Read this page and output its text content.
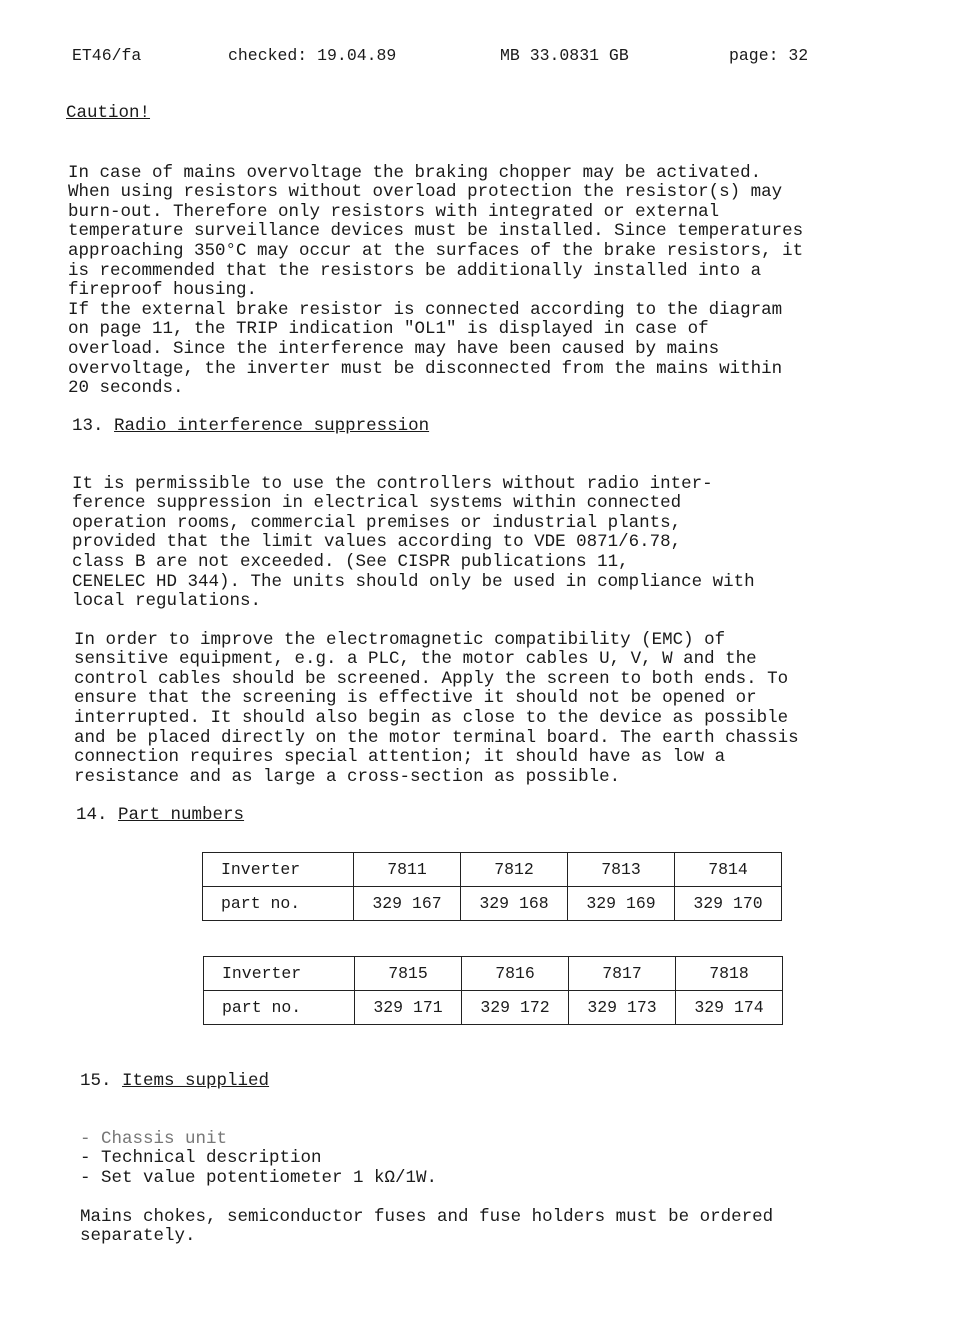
ET46/fa	checked: 19.04.89	MB 33.0831 GB	page: 32
Caution!

In case of mains overvoltage the braking chopper may be activated.
When using resistors without overload protection the resistor(s) may
burn-out. Therefore only resistors with integrated or external
temperature surveillance devices must be installed. Since temperatures
approaching 350°C may occur at the surfaces of the brake resistors, it
is recommended that the resistors be additionally installed into a
fireproof housing.
If the external brake resistor is connected according to the diagram
on page 11, the TRIP indication "OL1" is displayed in case of
overload. Since the interference may have been caused by mains
overvoltage, the inverter must be disconnected from the mains within
20 seconds.

13. Radio interference suppression

It is permissible to use the controllers without radio inter-
ference suppression in electrical systems within connected
operation rooms, commercial premises or industrial plants,
provided that the limit values according to VDE 0871/6.78,
class B are not exceeded. (See CISPR publications 11,
CENELEC HD 344). The units should only be used in compliance with
local regulations.

In order to improve the electromagnetic compatibility (EMC) of
sensitive equipment, e.g. a PLC, the motor cables U, V, W and the
control cables should be screened. Apply the screen to both ends. To
ensure that the screening is effective it should not be opened or
interrupted. It should also begin as close to the device as possible
and be placed directly on the motor terminal board. The earth chassis
connection requires special attention; it should have as low a
resistance and as large a cross-section as possible.

14. Part numbers
Inverter	7811	7812	7813	7814
part no.	329 167	329 168	329 169	329 170
Inverter	7815	7816	7817	7818
part no.	329 171	329 172	329 173	329 174
15. Items supplied

- Chassis unit
- Technical description
- Set value potentiometer 1 kΩ/1W.

Mains chokes, semiconductor fuses and fuse holders must be ordered
separately.
